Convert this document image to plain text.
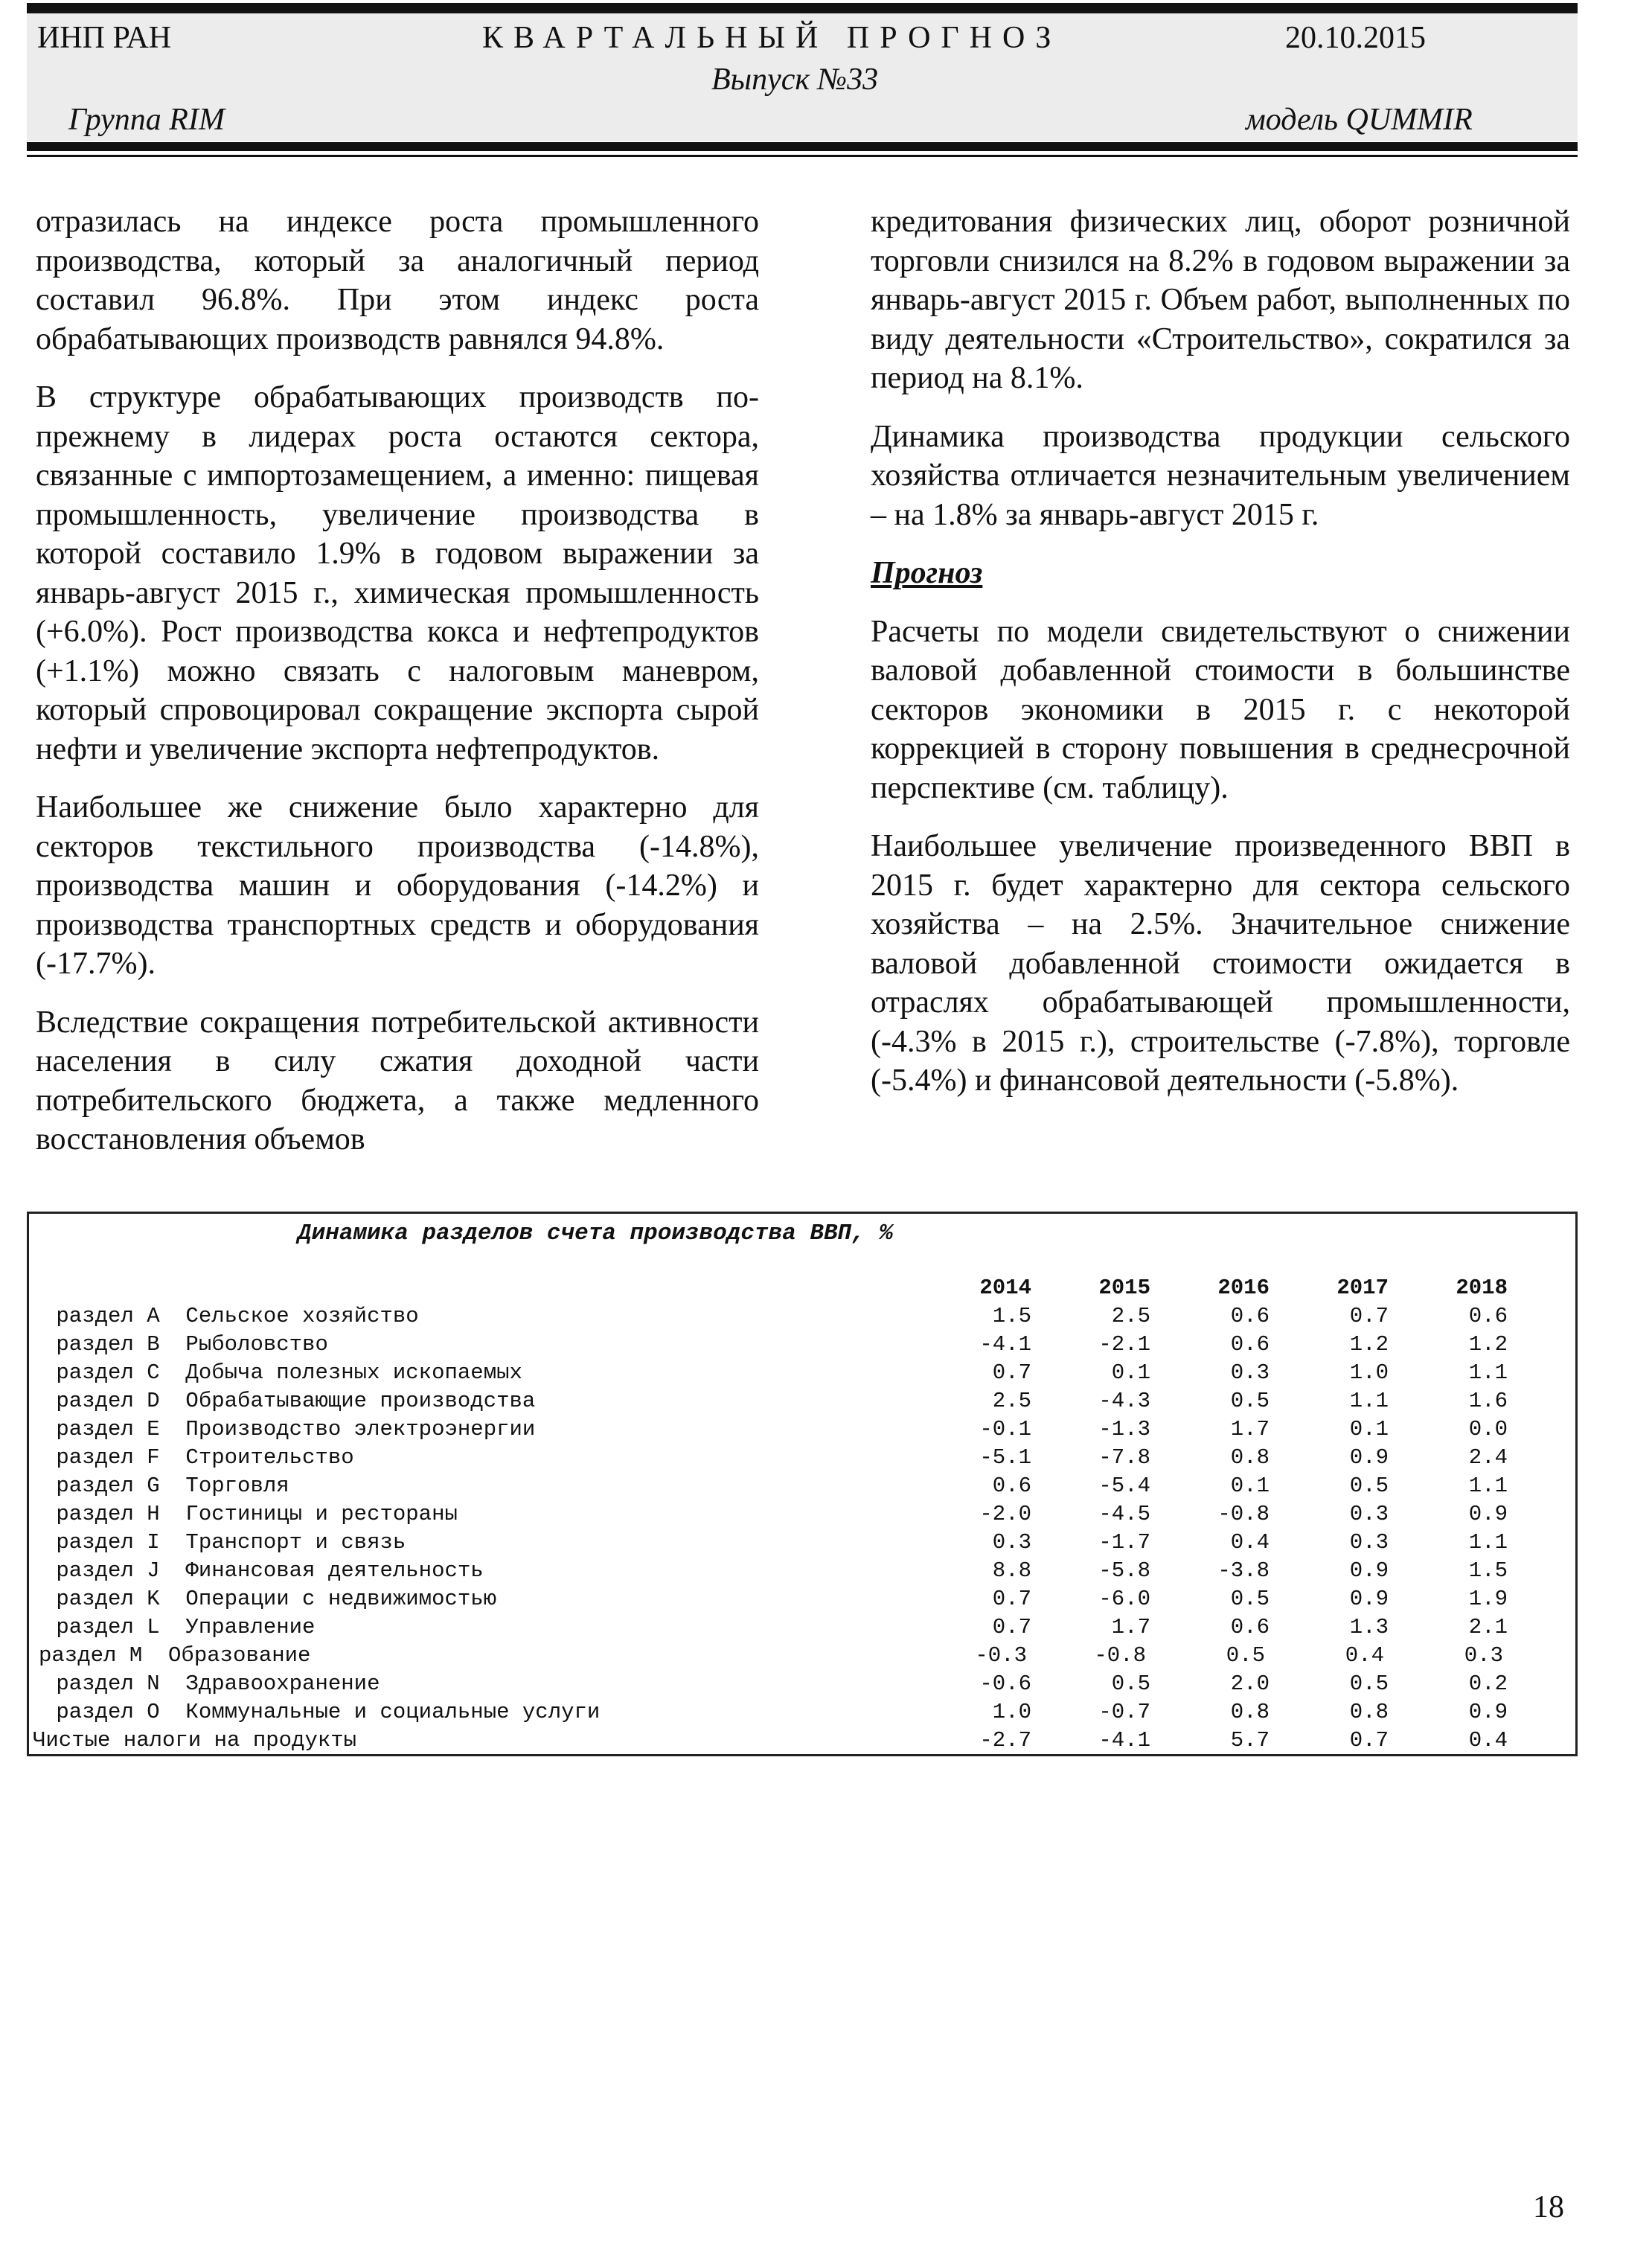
ИНП РАН	КВАРТАЛЬНЫЙ ПРОГНОЗ	20.10.2015
Выпуск №33
Группа RIM	модель QUMMIR

отразилась на индексе роста промышленного производства, который за аналогичный период составил 96.8%. При этом индекс роста обрабатывающих производств равнялся 94.8%.

В структуре обрабатывающих производств по-прежнему в лидерах роста остаются сектора, связанные с импортозамещением, а именно: пищевая промышленность, увеличение производства в которой составило 1.9% в годовом выражении за январь-август 2015 г., химическая промышленность (+6.0%). Рост производства кокса и нефтепродуктов (+1.1%) можно связать с налоговым маневром, который спровоцировал сокращение экспорта сырой нефти и увеличение экспорта нефтепродуктов.

Наибольшее же снижение было характерно для секторов текстильного производства (-14.8%), производства машин и оборудования (-14.2%) и производства транспортных средств и оборудования (-17.7%).

Вследствие сокращения потребительской активности населения в силу сжатия доходной части потребительского бюджета, а также медленного восстановления объемов

кредитования физических лиц, оборот розничной торговли снизился на 8.2% в годовом выражении за январь-август 2015 г. Объем работ, выполненных по виду деятельности «Строительство», сократился за период на 8.1%.

Динамика производства продукции сельского хозяйства отличается незначительным увеличением – на 1.8% за январь-август 2015 г.

Прогноз

Расчеты по модели свидетельствуют о снижении валовой добавленной стоимости в большинстве секторов экономики в 2015 г. с некоторой коррекцией в сторону повышения в среднесрочной перспективе (см. таблицу).

Наибольшее увеличение произведенного ВВП в 2015 г. будет характерно для сектора сельского хозяйства – на 2.5%. Значительное снижение валовой добавленной стоимости ожидается в отраслях обрабатывающей промышленности, (-4.3% в 2015 г.), строительстве (-7.8%), торговле (-5.4%) и финансовой деятельности (-5.8%).

Динамика разделов счета производства ВВП, %
2014	2015	2016	2017	2018
раздел A  Сельское хозяйство	1.5	2.5	0.6	0.7	0.6
раздел B  Рыболовство	-4.1	-2.1	0.6	1.2	1.2
раздел C  Добыча полезных ископаемых	0.7	0.1	0.3	1.0	1.1
раздел D  Обрабатывающие производства	2.5	-4.3	0.5	1.1	1.6
раздел E  Производство электроэнергии	-0.1	-1.3	1.7	0.1	0.0
раздел F  Строительство	-5.1	-7.8	0.8	0.9	2.4
раздел G  Торговля	0.6	-5.4	0.1	0.5	1.1
раздел H  Гостиницы и рестораны	-2.0	-4.5	-0.8	0.3	0.9
раздел I  Транспорт и связь	0.3	-1.7	0.4	0.3	1.1
раздел J  Финансовая деятельность	8.8	-5.8	-3.8	0.9	1.5
раздел K  Операции с недвижимостью	0.7	-6.0	0.5	0.9	1.9
раздел L  Управление	0.7	1.7	0.6	1.3	2.1
раздел M  Образование	-0.3	-0.8	0.5	0.4	0.3
раздел N  Здравоохранение	-0.6	0.5	2.0	0.5	0.2
раздел O  Коммунальные и социальные услуги	1.0	-0.7	0.8	0.8	0.9
Чистые налоги на продукты	-2.7	-4.1	5.7	0.7	0.4
18
